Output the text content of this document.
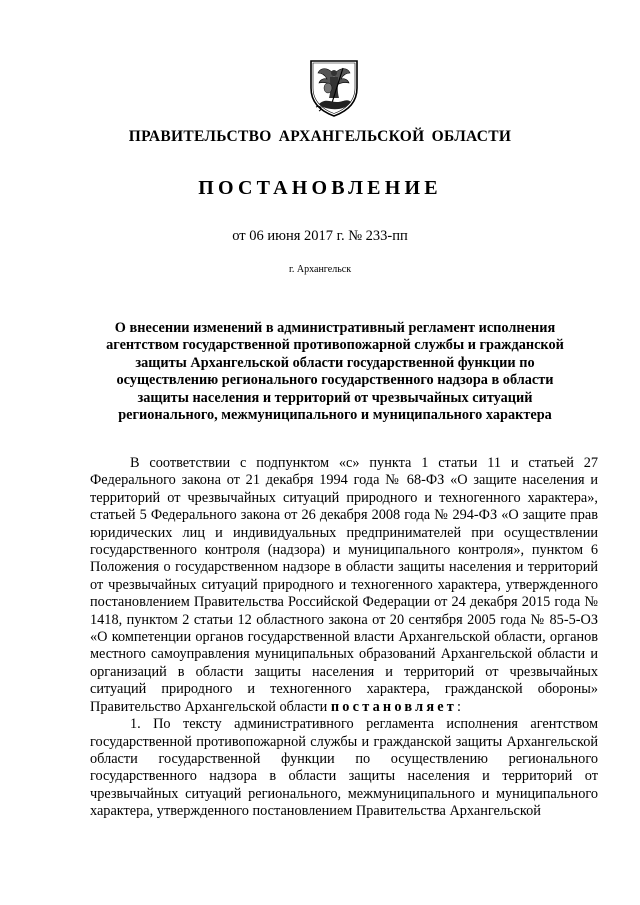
ПРАВИТЕЛЬСТВО АРХАНГЕЛЬСКОЙ ОБЛАСТИ
ПОСТАНОВЛЕНИЕ
от 06 июня 2017 г. № 233-пп
г. Архангельск
О внесении изменений в административный регламент исполнения агентством государственной противопожарной службы и гражданской защиты Архангельской области государственной функции по осуществлению регионального государственного надзора в области защиты населения и территорий от чрезвычайных ситуаций регионального, межмуниципального и муниципального характера

В соответствии с подпунктом «с» пункта 1 статьи 11 и статьей 27 Федерального закона от 21 декабря 1994 года № 68-ФЗ «О защите населения и территорий от чрезвычайных ситуаций природного и техногенного характера», статьей 5 Федерального закона от 26 декабря 2008 года № 294-ФЗ «О защите прав юридических лиц и индивидуальных предпринимателей при осуществлении государственного контроля (надзора) и муниципального контроля», пунктом 6 Положения о государственном надзоре в области защиты населения и территорий от чрезвычайных ситуаций природного и техногенного характера, утвержденного постановлением Правительства Российской Федерации от 24 декабря 2015 года № 1418, пунктом 2 статьи 12 областного закона от 20 сентября 2005 года № 85-5-ОЗ «О компетенции органов государственной власти Архангельской области, органов местного самоуправления муниципальных образований Архангельской области и организаций в области защиты населения и территорий от чрезвычайных ситуаций природного и техногенного характера, гражданской обороны» Правительство Архангельской области постановляет:

1. По тексту административного регламента исполнения агентством государственной противопожарной службы и гражданской защиты Архангельской области государственной функции по осуществлению регионального государственного надзора в области защиты населения и территорий от чрезвычайных ситуаций регионального, межмуниципального и муниципального характера, утвержденного постановлением Правительства Архангельской
